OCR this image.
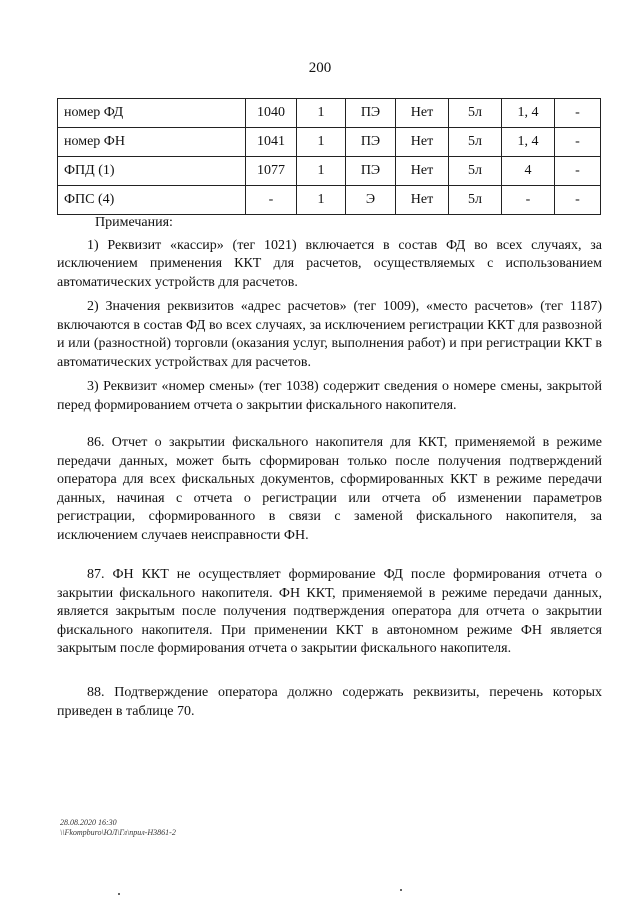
200
номер ФД	1040	1	ПЭ	Нет	5л	1, 4	-
номер ФН	1041	1	ПЭ	Нет	5л	1, 4	-
ФПД (1)	1077	1	ПЭ	Нет	5л	4	-
ФПС (4)	-	1	Э	Нет	5л	-	-

Примечания:

1) Реквизит «кассир» (тег 1021) включается в состав ФД во всех случаях, за исключением применения ККТ для расчетов, осуществляемых с использованием автоматических устройств для расчетов.

2) Значения реквизитов «адрес расчетов» (тег 1009), «место расчетов» (тег 1187) включаются в состав ФД во всех случаях, за исключением регистрации ККТ для развозной и или (разностной) торговли (оказания услуг, выполнения работ) и при регистрации ККТ в автоматических устройствах для расчетов.

3) Реквизит «номер смены» (тег 1038) содержит сведения о номере смены, закрытой перед формированием отчета о закрытии фискального накопителя.

86. Отчет о закрытии фискального накопителя для ККТ, применяемой в режиме передачи данных, может быть сформирован только после получения подтверждений оператора для всех фискальных документов, сформированных ККТ в режиме передачи данных, начиная с отчета о регистрации или отчета об изменении параметров регистрации, сформированного в связи с заменой фискального накопителя, за исключением случаев неисправности ФН.

87. ФН ККТ не осуществляет формирование ФД после формирования отчета о закрытии фискального накопителя. ФН ККТ, применяемой в режиме передачи данных, является закрытым после получения подтверждения оператора для отчета о закрытии фискального накопителя. При применении ККТ в автономном режиме ФН является закрытым после формирования отчета о закрытии фискального накопителя.

88. Подтверждение оператора должно содержать реквизиты, перечень которых приведен в таблице 70.

28.08.2020 16:30
\\Fkompburo\ЮЛ\Гл\прил-Н3861-2
